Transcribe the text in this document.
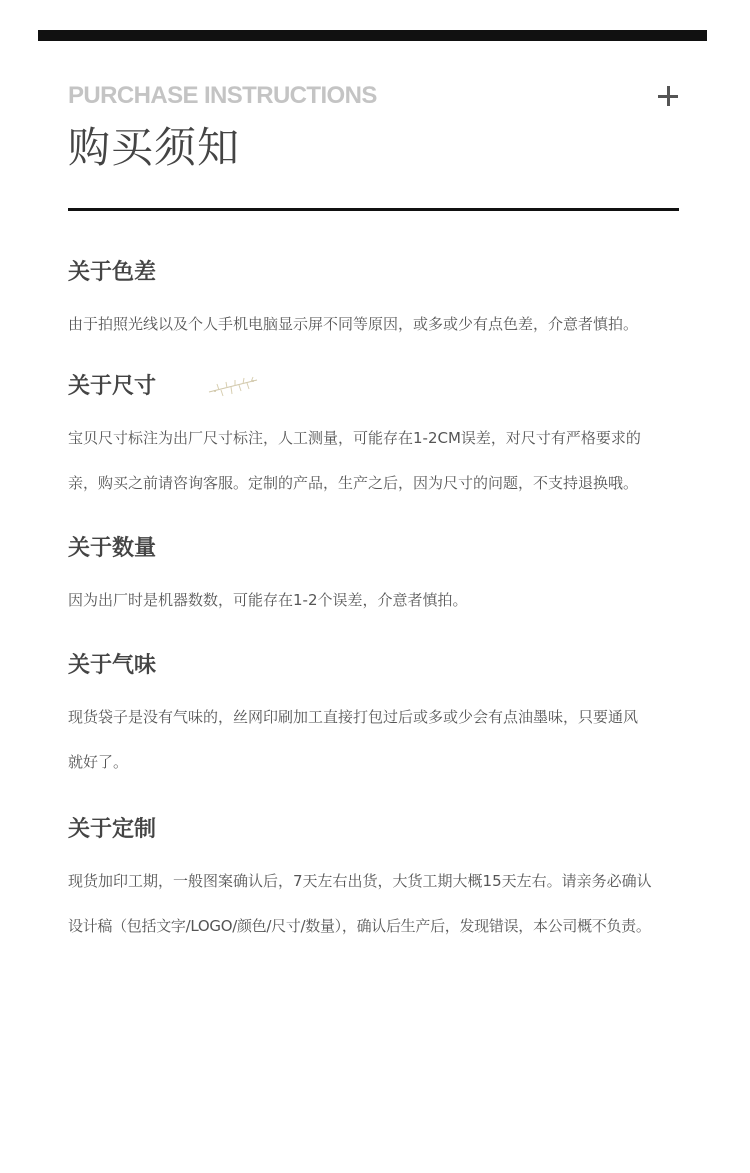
PURCHASE INSTRUCTIONS
购买须知
关于色差
由于拍照光线以及个人手机电脑显示屏不同等原因，或多或少有点色差，介意者慎拍。
关于尺寸
宝贝尺寸标注为出厂尺寸标注，人工测量，可能存在1-2CM误差，对尺寸有严格要求的
亲，购买之前请咨询客服。定制的产品，生产之后，因为尺寸的问题，不支持退换哦。
关于数量
因为出厂时是机器数数，可能存在1-2个误差，介意者慎拍。
关于气味
现货袋子是没有气味的，丝网印刷加工直接打包过后或多或少会有点油墨味，只要通风
就好了。
关于定制
现货加印工期，一般图案确认后，7天左右出货，大货工期大概15天左右。请亲务必确认
设计稿（包括文字/LOGO/颜色/尺寸/数量），确认后生产后，发现错误，本公司概不负责。
